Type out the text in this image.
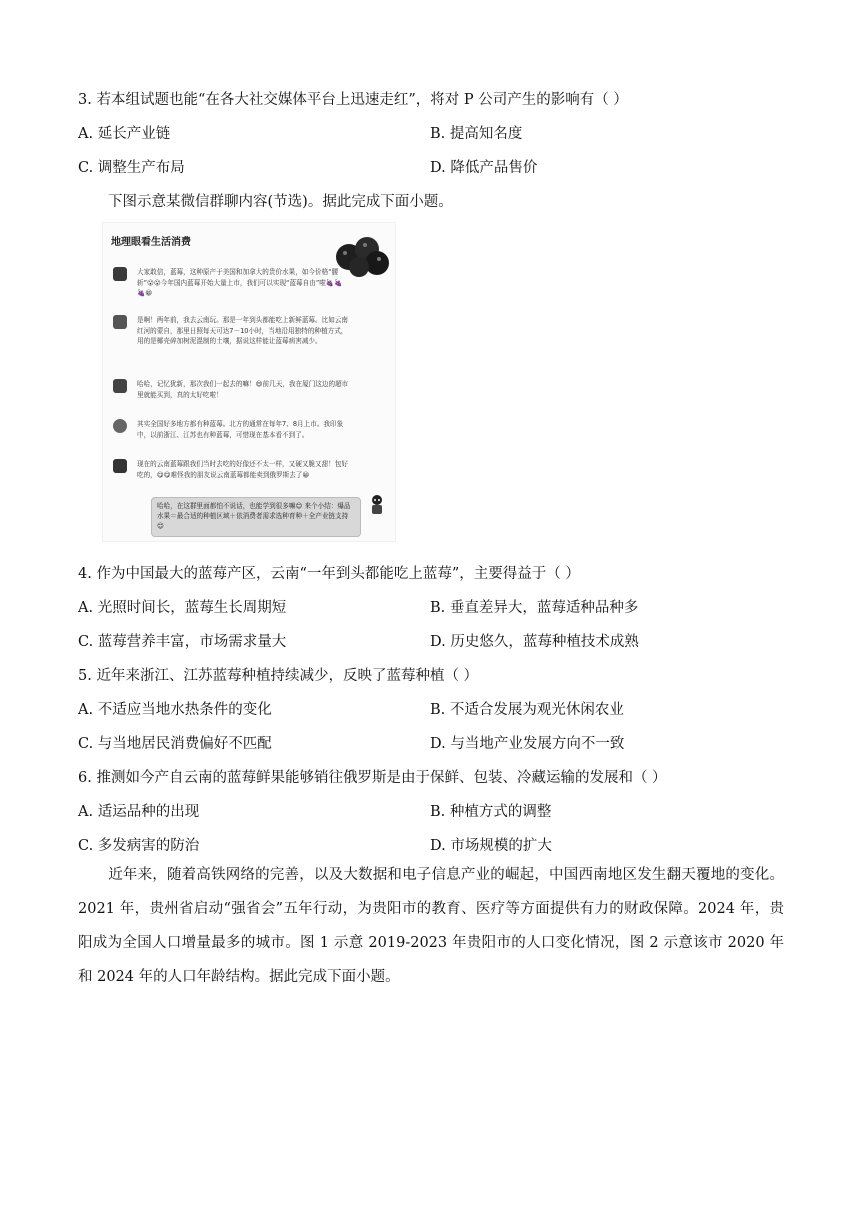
3. 若本组试题也能“在各大社交媒体平台上迅速走红”，将对 P 公司产生的影响有（ ）
A. 延长产业链	B. 提高知名度
C. 调整生产布局	D. 降低产品售价
下图示意某微信群聊内容(节选)。据此完成下面小题。
地理眼看生活消费
大家敢信，蓝莓，这种原产于美国和加拿大的贵价水果，如今价格“腰斩”😮😮今年国内蓝莓开始大量上市，我们可以实现“蓝莓自由”啦🍇🍇🍇😁
是啊！两年前，我去云南玩。那是一年到头都能吃上新鲜蓝莓。比如云南红河的蒙自，那里日照每天可达7－10小时，当地沿用独特的种植方式，用的是椰壳碎加树泥混制的土壤，据说这样能让蓝莓病害减少。
哈哈，记忆犹新，那次我们一起去的嘛！😄前几天，我在厦门这边的超市里就能买到，真的太好吃啦！
其实全国好多地方都有种蓝莓。北方的通常在每年7、8月上市。我印象中，以前浙江、江苏也有种蓝莓，可惜现在基本看不到了。
现在的云南蓝莓跟我们当时去吃的好像还不太一样，又硬又脆又甜！包好吃的，😋😋难怪我的朋友说云南蓝莓都能卖到俄罗斯去了😀
哈哈，在这群里面都怕不说话，也能学到很多嘛😊 来个小结：爆品水果＝最合适的种植区域＋依消费者需求选种育种＋全产业链支持😊
4. 作为中国最大的蓝莓产区，云南“一年到头都能吃上蓝莓”，主要得益于（ ）
A. 光照时间长，蓝莓生长周期短	B. 垂直差异大，蓝莓适种品种多
C. 蓝莓营养丰富，市场需求量大	D. 历史悠久，蓝莓种植技术成熟
5. 近年来浙江、江苏蓝莓种植持续减少，反映了蓝莓种植（ ）
A. 不适应当地水热条件的变化	B. 不适合发展为观光休闲农业
C. 与当地居民消费偏好不匹配	D. 与当地产业发展方向不一致
6. 推测如今产自云南的蓝莓鲜果能够销往俄罗斯是由于保鲜、包装、冷藏运输的发展和（ ）
A. 适运品种的出现	B. 种植方式的调整
C. 多发病害的防治	D. 市场规模的扩大
近年来，随着高铁网络的完善，以及大数据和电子信息产业的崛起，中国西南地区发生翻天覆地的变化。2021 年，贵州省启动“强省会”五年行动，为贵阳市的教育、医疗等方面提供有力的财政保障。2024 年，贵阳成为全国人口增量最多的城市。图 1 示意 2019-2023 年贵阳市的人口变化情况，图 2 示意该市 2020 年和 2024 年的人口年龄结构。据此完成下面小题。
